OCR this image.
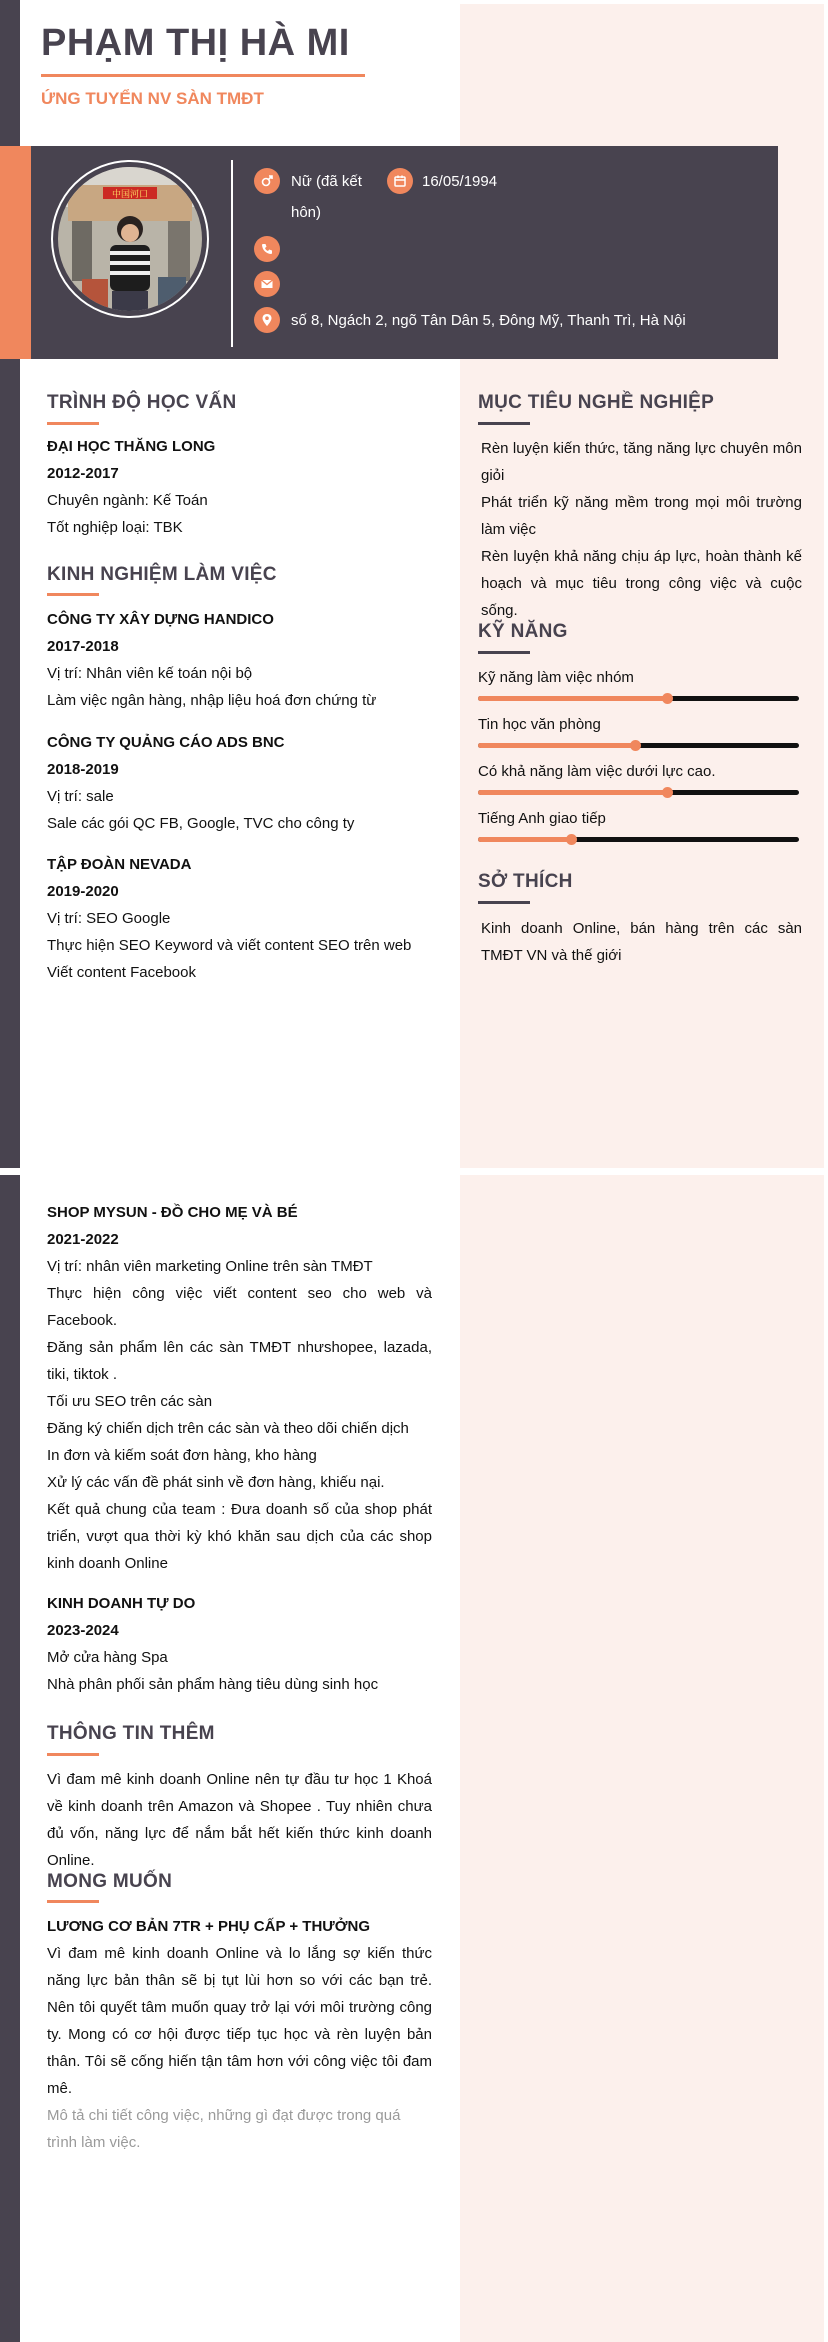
PHẠM THỊ HÀ MI
ỨNG TUYỂN NV SÀN TMĐT
中国河口
Nữ (đã kết hôn)
16/05/1994
số 8, Ngách 2, ngõ Tân Dân 5, Đông Mỹ, Thanh Trì, Hà Nội
TRÌNH ĐỘ HỌC VẤN
ĐẠI HỌC THĂNG LONG
2012-2017
Chuyên ngành: Kế Toán
Tốt nghiệp loại: TBK
KINH NGHIỆM LÀM VIỆC
CÔNG TY XÂY DỰNG HANDICO
2017-2018
Vị trí: Nhân viên kế toán nội bộ
Làm việc ngân hàng, nhập liệu hoá đơn chứng từ
CÔNG TY QUẢNG CÁO ADS BNC
2018-2019
Vị trí: sale
Sale các gói QC FB, Google, TVC cho công ty
TẬP ĐOÀN NEVADA
2019-2020
Vị trí: SEO Google
Thực hiện SEO Keyword và viết content SEO trên web
Viết content Facebook
MỤC TIÊU NGHỀ NGHIỆP
Rèn luyện kiến thức, tăng năng lực chuyên môn giỏi
Phát triển kỹ năng mềm trong mọi môi trường làm việc
Rèn luyện khả năng chịu áp lực, hoàn thành kế hoạch và mục tiêu trong công việc và cuộc sống.
KỸ NĂNG
Kỹ năng làm việc nhóm
Tin học văn phòng
Có khả năng làm việc dưới lực cao.
Tiếng Anh giao tiếp
SỞ THÍCH
Kinh doanh Online, bán hàng trên các sàn TMĐT VN và thế giới
SHOP MYSUN - ĐỒ CHO MẸ VÀ BÉ
2021-2022
Vị trí: nhân viên marketing Online trên sàn TMĐT
Thực hiện công việc viết content seo cho web và Facebook.
Đăng sản phẩm lên các sàn TMĐT nhưshopee, lazada, tiki, tiktok .
Tối ưu SEO trên các sàn
Đăng ký chiến dịch trên các sàn và theo dõi chiến dịch
In đơn và kiếm soát đơn hàng, kho hàng
Xử lý các vấn đề phát sinh về đơn hàng, khiếu nại.
Kết quả chung của team : Đưa doanh số của shop phát triển, vượt qua thời kỳ khó khăn sau dịch của các shop kinh doanh Online
KINH DOANH TỰ DO
2023-2024
Mở cửa hàng Spa
Nhà phân phối sản phẩm hàng tiêu dùng sinh học
THÔNG TIN THÊM
Vì đam mê kinh doanh Online nên tự đầu tư học 1 Khoá về kinh doanh trên Amazon và Shopee . Tuy nhiên chưa đủ vốn, năng lực để nắm bắt hết kiến thức kinh doanh Online.
MONG MUỐN
LƯƠNG CƠ BẢN 7TR + PHỤ CẤP + THƯỞNG
Vì đam mê kinh doanh Online và lo lắng sợ kiến thức năng lực bản thân sẽ bị tụt lùi hơn so với các bạn trẻ. Nên tôi quyết tâm muốn quay trở lại với môi trường công ty. Mong có cơ hội được tiếp tục học và rèn luyện bản thân. Tôi sẽ cống hiến tận tâm hơn với công việc tôi đam mê.
Mô tả chi tiết công việc, những gì đạt được trong quá trình làm việc.
